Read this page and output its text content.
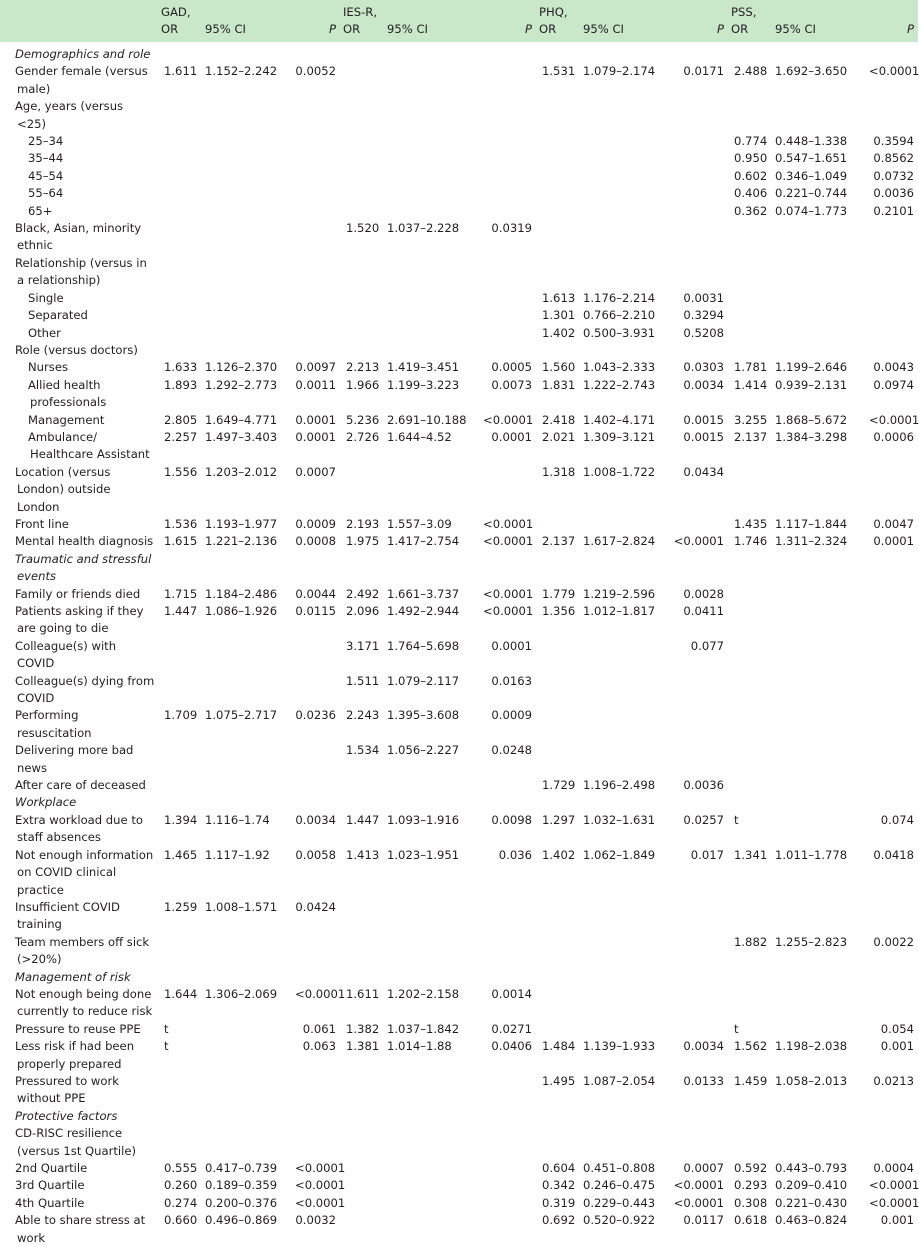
	GAD,			IES-R,			PHQ,			PSS,		
	OR	95% CI	P	OR	95% CI	P	OR	95% CI	P	OR	95% CI	P
Demographics and role												
Gender female (versus male)	1.611	1.152–2.242	0.0052				1.531	1.079–2.174	0.0171	2.488	1.692–3.650	<0.0001
Age, years (versus <25)												
25–34										0.774	0.448–1.338	0.3594
35–44										0.950	0.547–1.651	0.8562
45–54										0.602	0.346–1.049	0.0732
55–64										0.406	0.221–0.744	0.0036
65+										0.362	0.074–1.773	0.2101
Black, Asian, minority ethnic				1.520	1.037–2.228	0.0319						
Relationship (versus in a relationship)												
Single							1.613	1.176–2.214	0.0031			
Separated							1.301	0.766–2.210	0.3294			
Other							1.402	0.500–3.931	0.5208			
Role (versus doctors)												
Nurses	1.633	1.126–2.370	0.0097	2.213	1.419–3.451	0.0005	1.560	1.043–2.333	0.0303	1.781	1.199–2.646	0.0043
Allied health professionals	1.893	1.292–2.773	0.0011	1.966	1.199–3.223	0.0073	1.831	1.222–2.743	0.0034	1.414	0.939–2.131	0.0974
Management	2.805	1.649–4.771	0.0001	5.236	2.691–10.188	<0.0001	2.418	1.402–4.171	0.0015	3.255	1.868–5.672	<0.0001
Ambulance/ Healthcare Assistant	2.257	1.497–3.403	0.0001	2.726	1.644–4.52	0.0001	2.021	1.309–3.121	0.0015	2.137	1.384–3.298	0.0006
Location (versus London) outside London	1.556	1.203–2.012	0.0007				1.318	1.008–1.722	0.0434			
Front line	1.536	1.193–1.977	0.0009	2.193	1.557–3.09	<0.0001				1.435	1.117–1.844	0.0047
Mental health diagnosis	1.615	1.221–2.136	0.0008	1.975	1.417–2.754	<0.0001	2.137	1.617–2.824	<0.0001	1.746	1.311–2.324	0.0001
Traumatic and stressful events												
Family or friends died	1.715	1.184–2.486	0.0044	2.492	1.661–3.737	<0.0001	1.779	1.219–2.596	0.0028			
Patients asking if they are going to die	1.447	1.086–1.926	0.0115	2.096	1.492–2.944	<0.0001	1.356	1.012–1.817	0.0411			
Colleague(s) with COVID				3.171	1.764–5.698	0.0001			0.077			
Colleague(s) dying from COVID				1.511	1.079–2.117	0.0163						
Performing resuscitation	1.709	1.075–2.717	0.0236	2.243	1.395–3.608	0.0009						
Delivering more bad news				1.534	1.056–2.227	0.0248						
After care of deceased							1.729	1.196–2.498	0.0036			
Workplace												
Extra workload due to staff absences	1.394	1.116–1.74	0.0034	1.447	1.093–1.916	0.0098	1.297	1.032–1.631	0.0257	t		0.074
Not enough information on COVID clinical practice	1.465	1.117–1.92	0.0058	1.413	1.023–1.951	0.036	1.402	1.062–1.849	0.017	1.341	1.011–1.778	0.0418
Insufficient COVID training	1.259	1.008–1.571	0.0424									
Team members off sick (>20%)										1.882	1.255–2.823	0.0022
Management of risk												
Not enough being done currently to reduce risk	1.644	1.306–2.069	<0.0001	1.611	1.202–2.158	0.0014						
Pressure to reuse PPE	t		0.061	1.382	1.037–1.842	0.0271				t		0.054
Less risk if had been properly prepared	t		0.063	1.381	1.014–1.88	0.0406	1.484	1.139–1.933	0.0034	1.562	1.198–2.038	0.001
Pressured to work without PPE							1.495	1.087–2.054	0.0133	1.459	1.058–2.013	0.0213
Protective factors												
CD-RISC resilience (versus 1st Quartile)												
2nd Quartile	0.555	0.417–0.739	<0.0001				0.604	0.451–0.808	0.0007	0.592	0.443–0.793	0.0004
3rd Quartile	0.260	0.189–0.359	<0.0001				0.342	0.246–0.475	<0.0001	0.293	0.209–0.410	<0.0001
4th Quartile	0.274	0.200–0.376	<0.0001				0.319	0.229–0.443	<0.0001	0.308	0.221–0.430	<0.0001
Able to share stress at work	0.660	0.496–0.869	0.0032				0.692	0.520–0.922	0.0117	0.618	0.463–0.824	0.001
